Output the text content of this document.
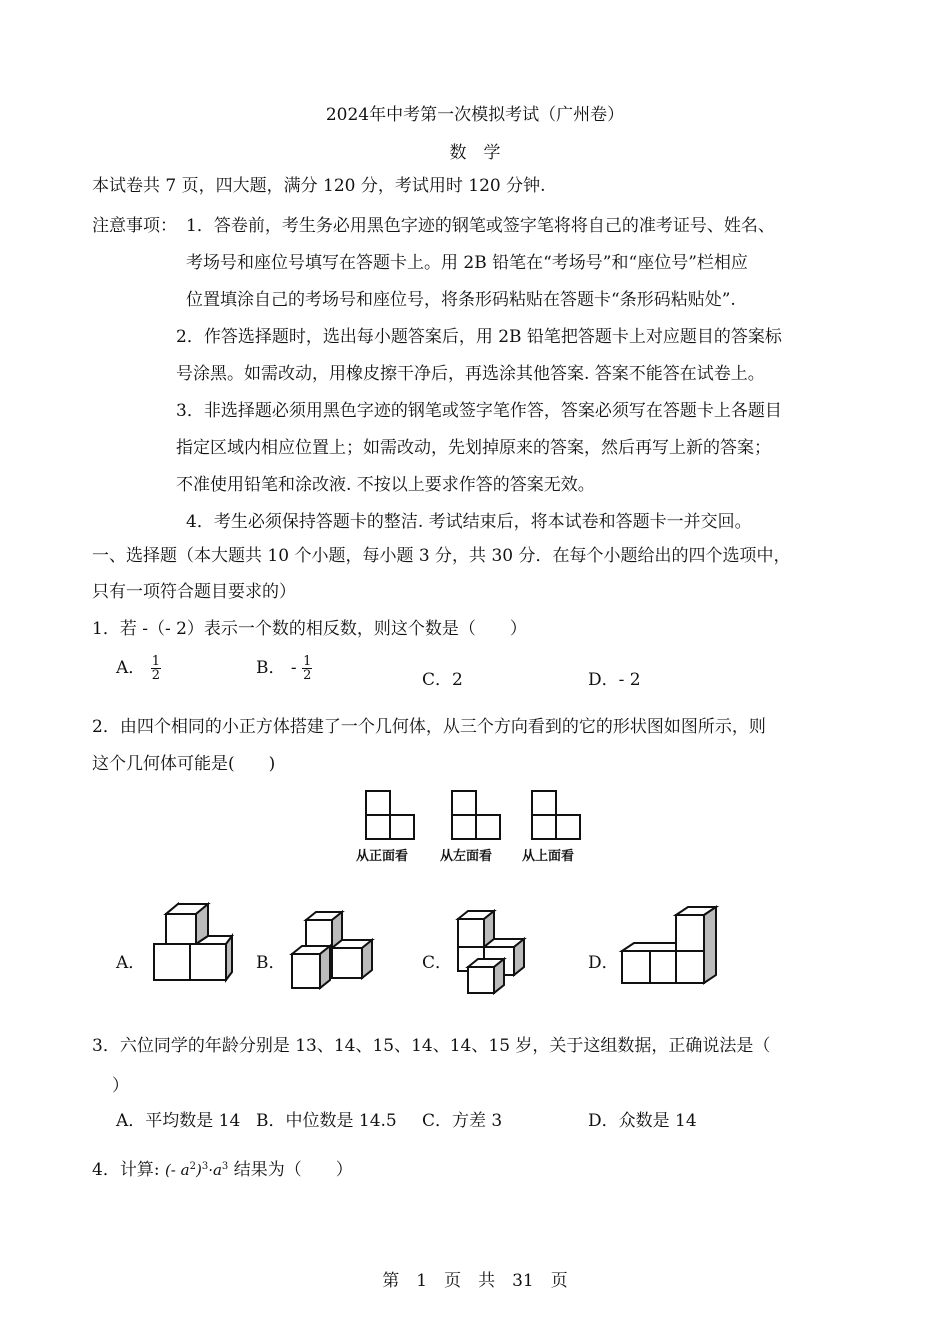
2024年中考第一次模拟考试（广州卷）
数　学
本试卷共 7 页，四大题，满分 120 分，考试用时 120 分钟.
注意事项： 1．答卷前，考生务必用黑色字迹的钢笔或签字笔将将自己的准考证号、姓名、
考场号和座位号填写在答题卡上。用 2B 铅笔在“考场号”和“座位号”栏相应
位置填涂自己的考场号和座位号，将条形码粘贴在答题卡“条形码粘贴处”.
2．作答选择题时，选出每小题答案后，用 2B 铅笔把答题卡上对应题目的答案标
号涂黑。如需改动，用橡皮擦干净后，再选涂其他答案. 答案不能答在试卷上。
3．非选择题必须用黑色字迹的钢笔或签字笔作答，答案必须写在答题卡上各题目
指定区域内相应位置上；如需改动，先划掉原来的答案，然后再写上新的答案；
不准使用铅笔和涂改液. 不按以上要求作答的答案无效。
4．考生必须保持答题卡的整洁. 考试结束后，将本试卷和答题卡一并交回。
一、选择题（本大题共 10 个小题，每小题 3 分，共 30 分．在每个小题给出的四个选项中，
只有一项符合题目要求的）
1．若 -（- 2）表示一个数的相反数，则这个数是（　　）
A． $\frac{1}{2}$	B． - $\frac{1}{2}$	C．2	D．- 2
2．由四个相同的小正方体搭建了一个几何体，从三个方向看到的它的形状图如图所示，则
这个几何体可能是(　　)
从正面看 从左面看 从上面看
A．	B．	C．	D．
3．六位同学的年龄分别是 13、14、15、14、14、15 岁，关于这组数据，正确说法是（
）
A．平均数是 14 B．中位数是 14.5 C．方差 3	D．众数是 14
4．计算: (- $a^2)^3\cdot a^3$ 结果为（　　）
第　1　页　共　31　页
